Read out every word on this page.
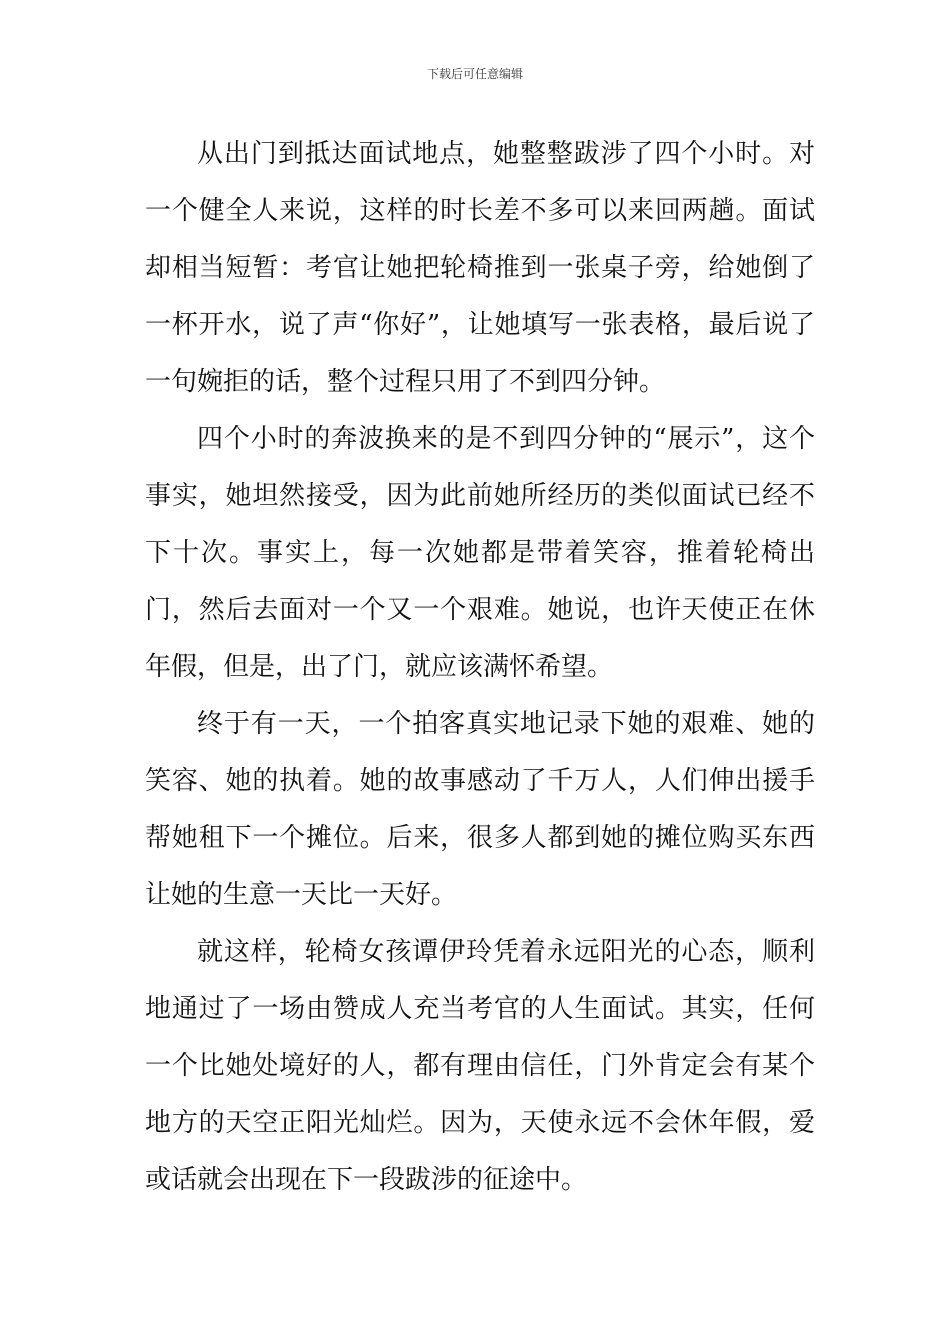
下载后可任意编辑

从出门到抵达面试地点，她整整跋涉了四个小时。对一个健全人来说，这样的时长差不多可以来回两趟。面试却相当短暂：考官让她把轮椅推到一张桌子旁，给她倒了一杯开水，说了声“你好”，让她填写一张表格，最后说了一句婉拒的话，整个过程只用了不到四分钟。

四个小时的奔波换来的是不到四分钟的“展示”，这个事实，她坦然接受，因为此前她所经历的类似面试已经不下十次。事实上，每一次她都是带着笑容，推着轮椅出门，然后去面对一个又一个艰难。她说，也许天使正在休年假，但是，出了门，就应该满怀希望。

终于有一天，一个拍客真实地记录下她的艰难、她的笑容、她的执着。她的故事感动了千万人，人们伸出援手帮她租下一个摊位。后来，很多人都到她的摊位购买东西让她的生意一天比一天好。

就这样，轮椅女孩谭伊玲凭着永远阳光的心态，顺利地通过了一场由赞成人充当考官的人生面试。其实，任何一个比她处境好的人，都有理由信任，门外肯定会有某个地方的天空正阳光灿烂。因为，天使永远不会休年假，爱或话就会出现在下一段跋涉的征途中。
